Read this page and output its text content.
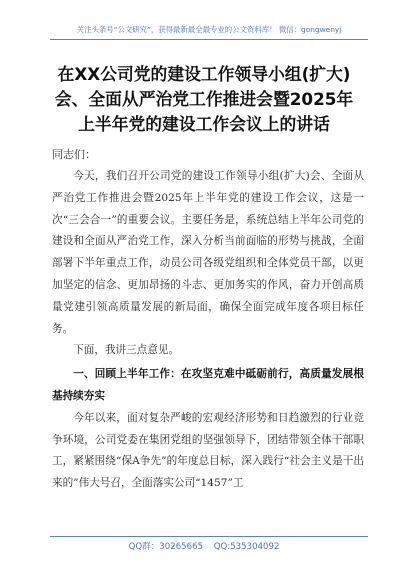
关注头条号“公文研究”，获得最新最全最专业的公文资料库！ 微信：gongwenyj
在XX公司党的建设工作领导小组(扩大)会、全面从严治党工作推进会暨2025年上半年党的建设工作会议上的讲话
同志们：

今天，我们召开公司党的建设工作领导小组(扩大)会、全面从严治党工作推进会暨2025年上半年党的建设工作会议，这是一次“三会合一”的重要会议。主要任务是，系统总结上半年公司党的建设和全面从严治党工作，深入分析当前面临的形势与挑战，全面部署下半年重点工作，动员公司各级党组织和全体党员干部，以更加坚定的信念、更加昂扬的斗志、更加务实的作风，奋力开创高质量党建引领高质量发展的新局面，确保全面完成年度各项目标任务。

下面，我讲三点意见。

一、回顾上半年工作：在攻坚克难中砥砺前行，高质量发展根基持续夯实

今年以来，面对复杂严峻的宏观经济形势和日趋激烈的行业竞争环境，公司党委在集团党组的坚强领导下，团结带领全体干部职工，紧紧围绕“保A争先”的年度总目标，深入践行“社会主义是干出来的”伟大号召，全面落实公司“1457”工

QQ群：30265665 QQ:535304092
